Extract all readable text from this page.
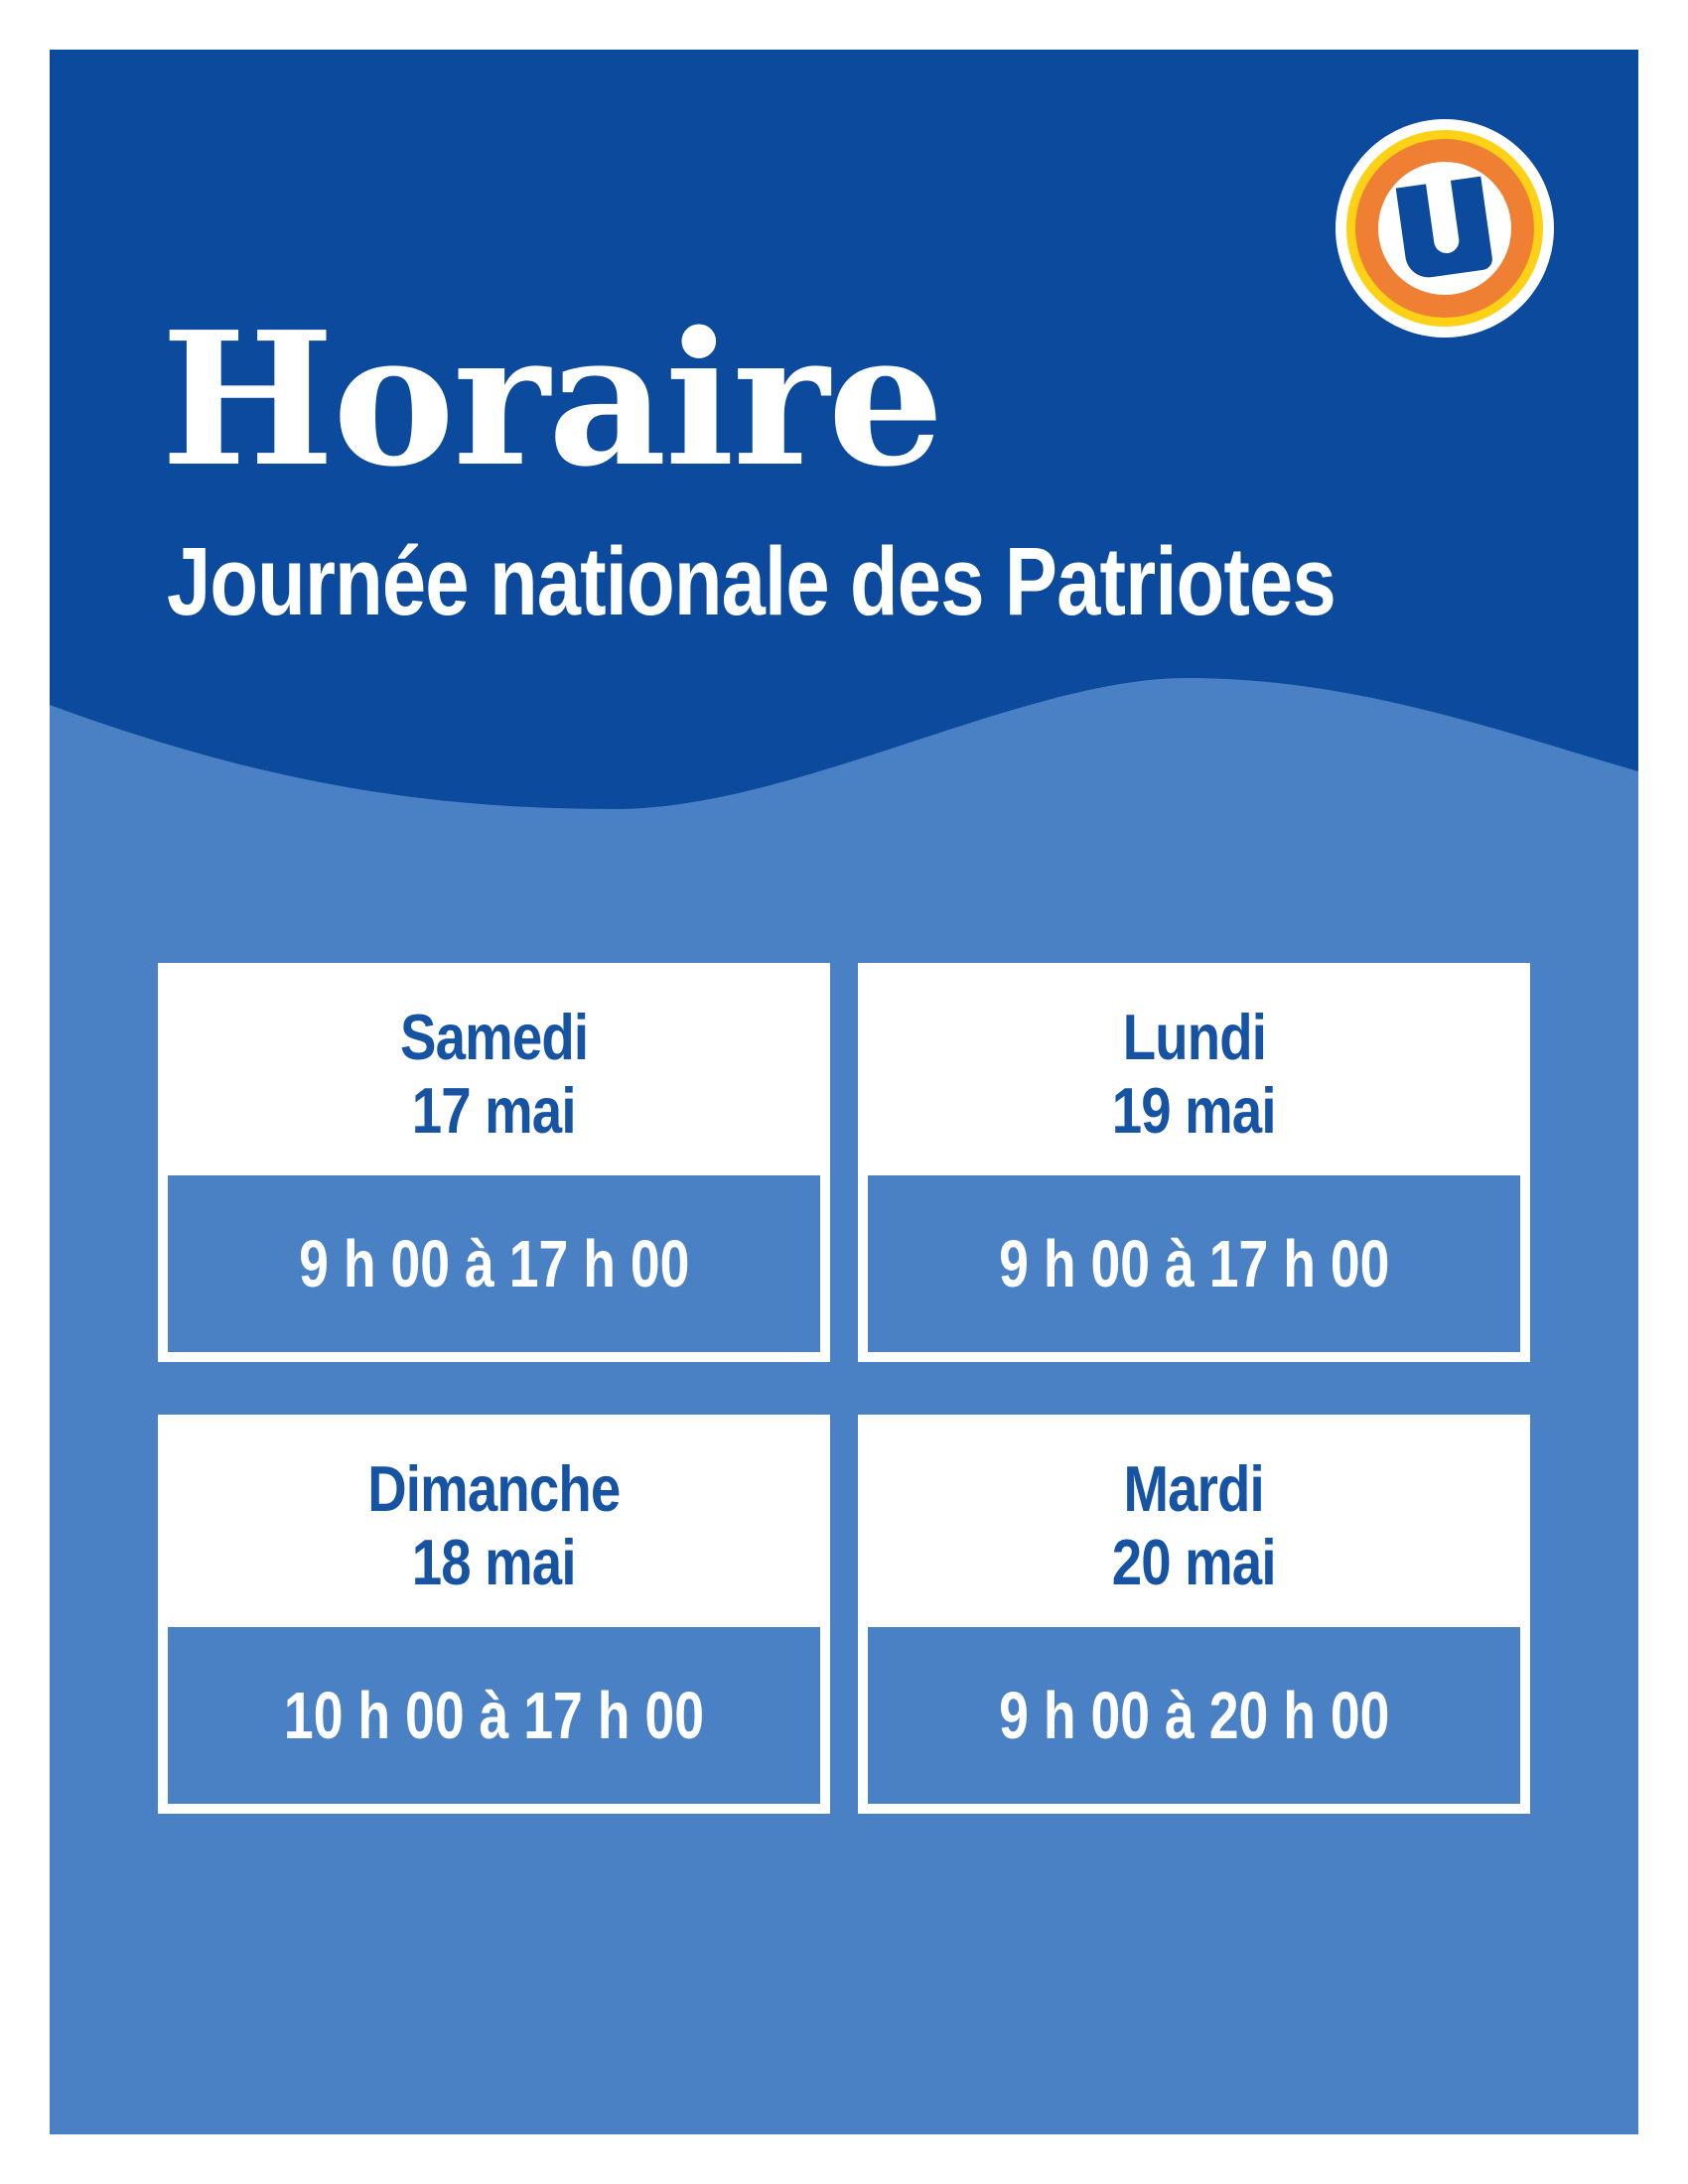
Horaire
Journée nationale des Patriotes
Samedi
17 mai
9 h 00 à 17 h 00
Lundi
19 mai
9 h 00 à 17 h 00
Dimanche
18 mai
10 h 00 à 17 h 00
Mardi
20 mai
9 h 00 à 20 h 00
